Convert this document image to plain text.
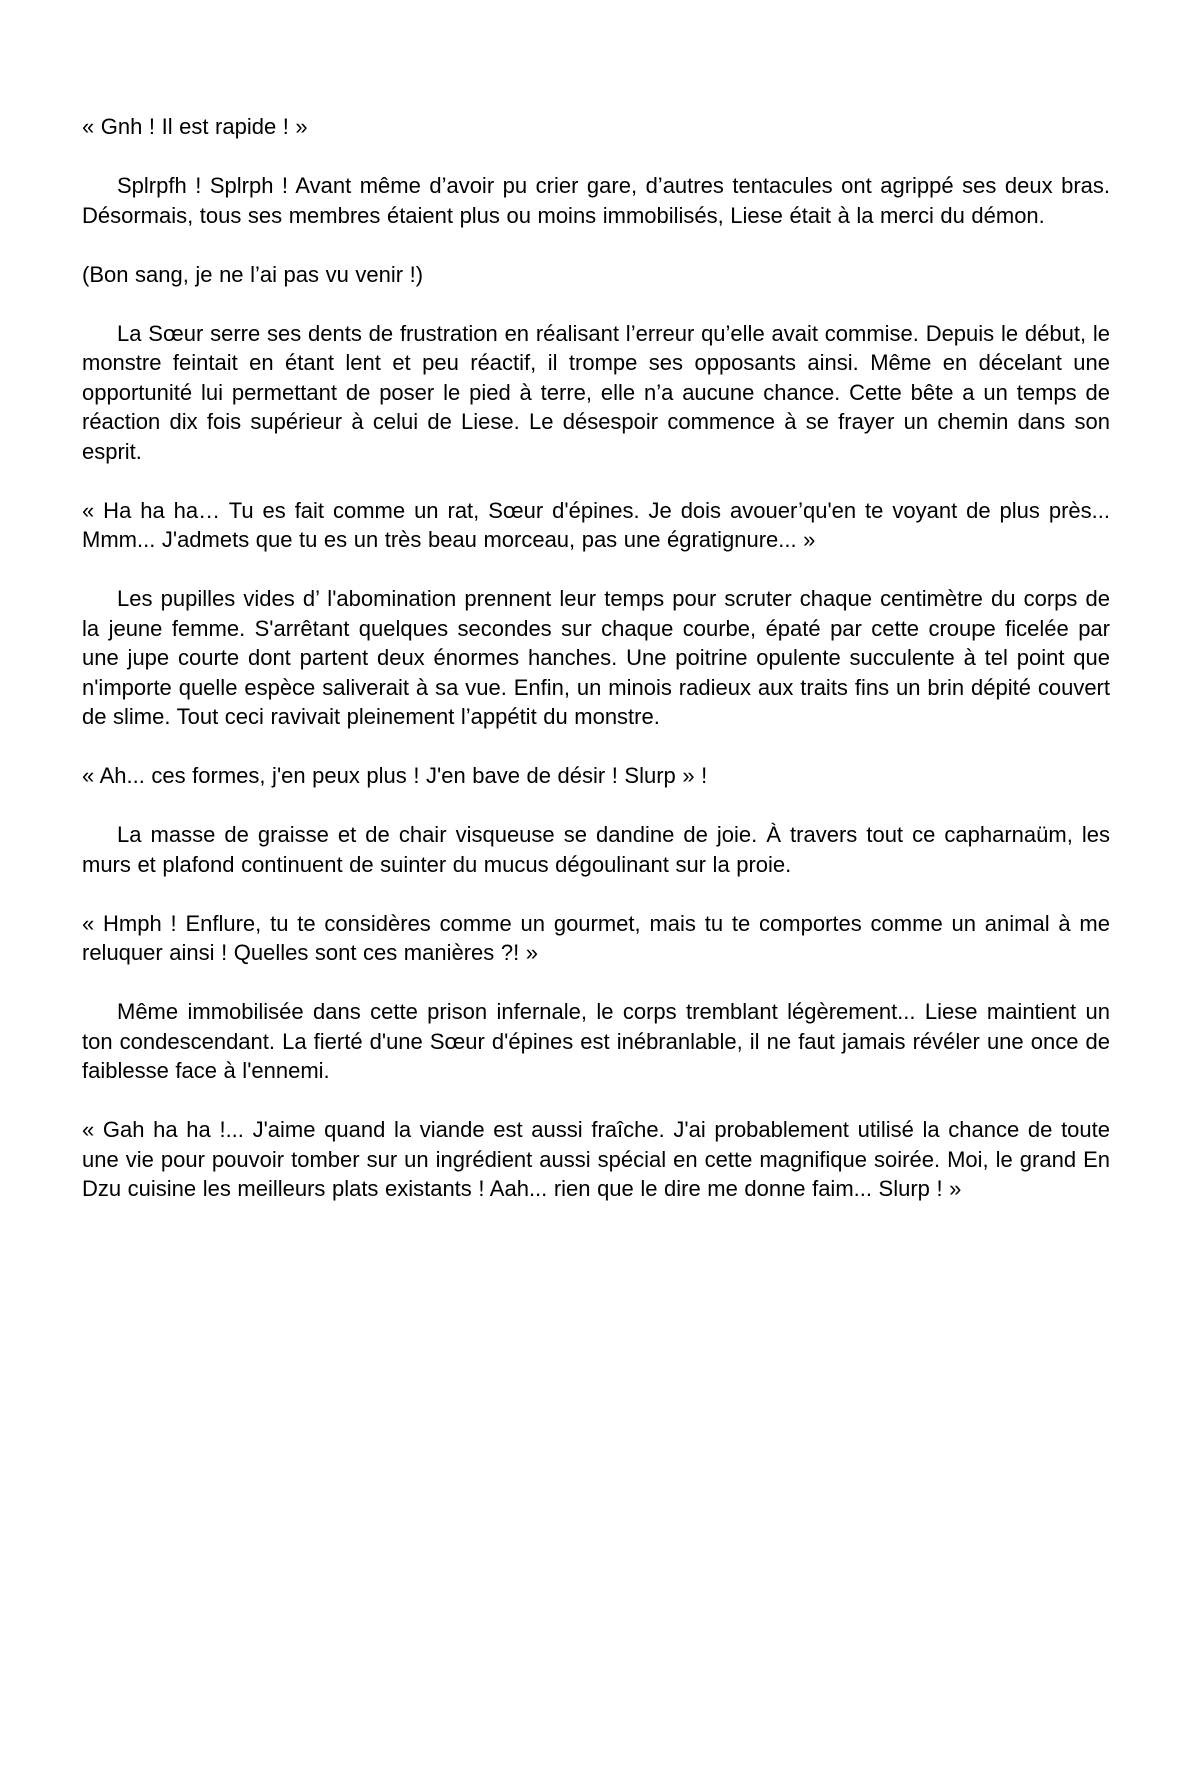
« Gnh ! Il est rapide ! »

Splrpfh ! Splrph ! Avant même d’avoir pu crier gare, d’autres tentacules ont agrippé ses deux bras. Désormais, tous ses membres étaient plus ou moins immobilisés, Liese était à la merci du démon.

(Bon sang, je ne l’ai pas vu venir !)

La Sœur serre ses dents de frustration en réalisant l’erreur qu’elle avait commise. Depuis le début, le monstre feintait en étant lent et peu réactif, il trompe ses opposants ainsi. Même en décelant une opportunité lui permettant de poser le pied à terre, elle n’a aucune chance. Cette bête a un temps de réaction dix fois supérieur à celui de Liese. Le désespoir commence à se frayer un chemin dans son esprit.

« Ha ha ha… Tu es fait comme un rat, Sœur d'épines. Je dois avouer’qu'en te voyant de plus près... Mmm... J'admets que tu es un très beau morceau, pas une égratignure... »

Les pupilles vides d’ l'abomination prennent leur temps pour scruter chaque centimètre du corps de la jeune femme. S'arrêtant quelques secondes sur chaque courbe, épaté par cette croupe ficelée par une jupe courte dont partent deux énormes hanches. Une poitrine opulente succulente à tel point que n'importe quelle espèce saliverait à sa vue. Enfin, un minois radieux aux traits fins un brin dépité couvert de slime. Tout ceci ravivait pleinement l’appétit du monstre.

« Ah... ces formes, j'en peux plus ! J'en bave de désir ! Slurp » !

La masse de graisse et de chair visqueuse se dandine de joie. À travers tout ce capharnaüm, les murs et plafond continuent de suinter du mucus dégoulinant sur la proie.

« Hmph ! Enflure, tu te considères comme un gourmet, mais tu te comportes comme un animal à me reluquer ainsi ! Quelles sont ces manières ?! »

Même immobilisée dans cette prison infernale, le corps tremblant légèrement... Liese maintient un ton condescendant. La fierté d'une Sœur d'épines est inébranlable, il ne faut jamais révéler une once de faiblesse face à l'ennemi.

« Gah ha ha !... J'aime quand la viande est aussi fraîche. J'ai probablement utilisé la chance de toute une vie pour pouvoir tomber sur un ingrédient aussi spécial en cette magnifique soirée. Moi, le grand En Dzu cuisine les meilleurs plats existants ! Aah... rien que le dire me donne faim... Slurp ! »
